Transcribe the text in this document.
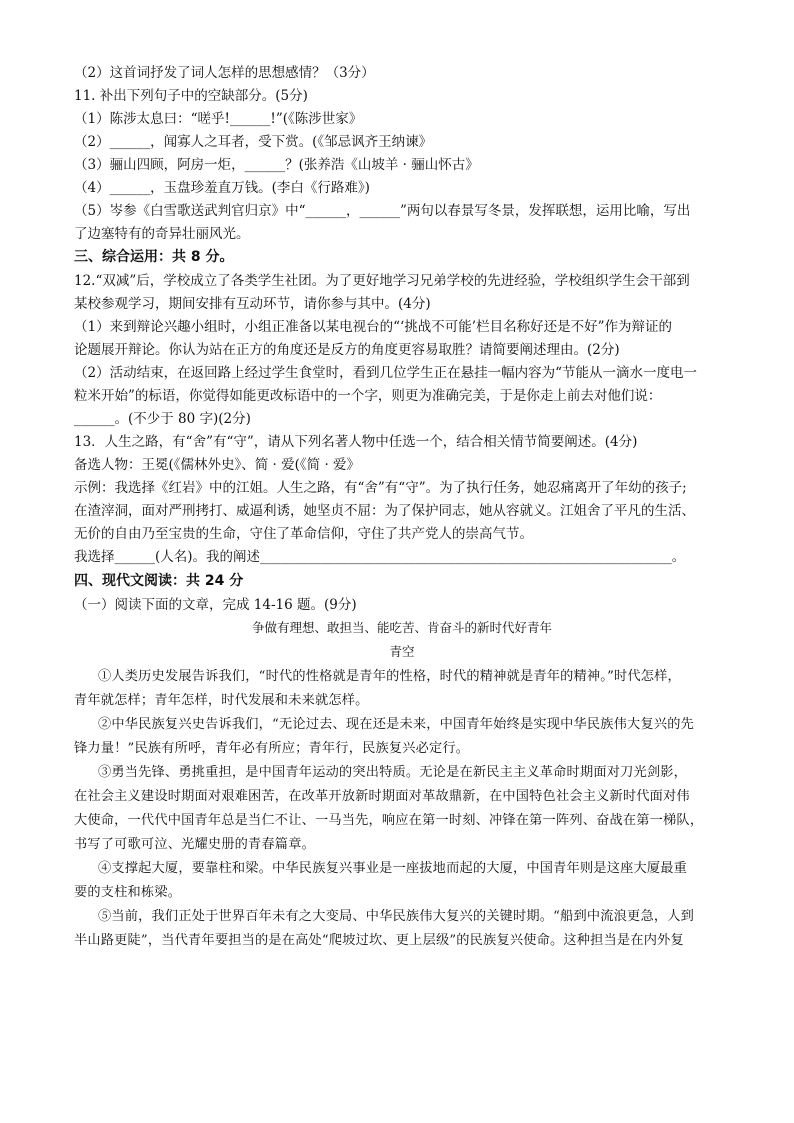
（2）这首词抒发了词人怎样的思想感情？（3分）
11. 补出下列句子中的空缺部分。(5分)
（1）陈涉太息曰：“嗟乎!______!”(《陈涉世家》
（2）______，闻寡人之耳者，受下赏。(《邹忌讽齐王纳谏》
（3）骊山四顾，阿房一炬，______？(张养浩《山坡羊 · 骊山怀古》
（4）______，玉盘珍羞直万钱。(李白《行路难》)
（5）岑参《白雪歌送武判官归京》中“______，______”两句以春景写冬景，发挥联想，运用比喻，写出
了边塞特有的奇异壮丽风光。
三、综合运用：共 8 分。
12.“双减”后，学校成立了各类学生社团。为了更好地学习兄弟学校的先进经验，学校组织学生会干部到
某校参观学习，期间安排有互动环节，请你参与其中。(4分)
（1）来到辩论兴趣小组时，小组正准备以某电视台的“‘挑战不可能’栏目名称好还是不好”作为辩证的
论题展开辩论。你认为站在正方的角度还是反方的角度更容易取胜？请简要阐述理由。(2分)
（2）活动结束，在返回路上经过学生食堂时，看到几位学生正在悬挂一幅内容为“节能从一滴水一度电一
粒米开始”的标语，你觉得如能更改标语中的一个字，则更为准确完美，于是你走上前去对他们说：
______。(不少于 80 字)(2分)
13．人生之路，有“舍”有“守”，请从下列名著人物中任选一个，结合相关情节简要阐述。(4分)
备选人物：王冕(《儒林外史》、简 · 爱(《简 · 爱》
示例：我选择《红岩》中的江姐。人生之路，有“舍”有“守”。为了执行任务，她忍痛离开了年幼的孩子;
在渣滓洞，面对严刑拷打、威逼利诱，她坚贞不屈：为了保护同志，她从容就义。江姐舍了平凡的生活、
无价的自由乃至宝贵的生命，守住了革命信仰，守住了共产党人的崇高气节。
我选择______(人名)。我的阐述_____________________________________________________________。
四、现代文阅读：共 24 分
（一）阅读下面的文章，完成 14-16 题。(9分)
争做有理想、敢担当、能吃苦、肯奋斗的新时代好青年
青空
①人类历史发展告诉我们，“时代的性格就是青年的性格，时代的精神就是青年的精神。”时代怎样，
青年就怎样；青年怎样，时代发展和未来就怎样。
②中华民族复兴史告诉我们，“无论过去、现在还是未来，中国青年始终是实现中华民族伟大复兴的先
锋力量！”民族有所呼，青年必有所应；青年行，民族复兴必定行。
③勇当先锋、勇挑重担，是中国青年运动的突出特质。无论是在新民主主义革命时期面对刀光剑影，
在社会主义建设时期面对艰难困苦，在改革开放新时期面对革故鼎新，在中国特色社会主义新时代面对伟
大使命，一代代中国青年总是当仁不让、一马当先，响应在第一时刻、冲锋在第一阵列、奋战在第一梯队，
书写了可歌可泣、光耀史册的青春篇章。
④支撑起大厦，要靠柱和梁。中华民族复兴事业是一座拔地而起的大厦，中国青年则是这座大厦最重
要的支柱和栋梁。
⑤当前，我们正处于世界百年未有之大变局、中华民族伟大复兴的关键时期。“船到中流浪更急，人到
半山路更陡”，当代青年要担当的是在高处“爬坡过坎、更上层级”的民族复兴使命。这种担当是在内外复
